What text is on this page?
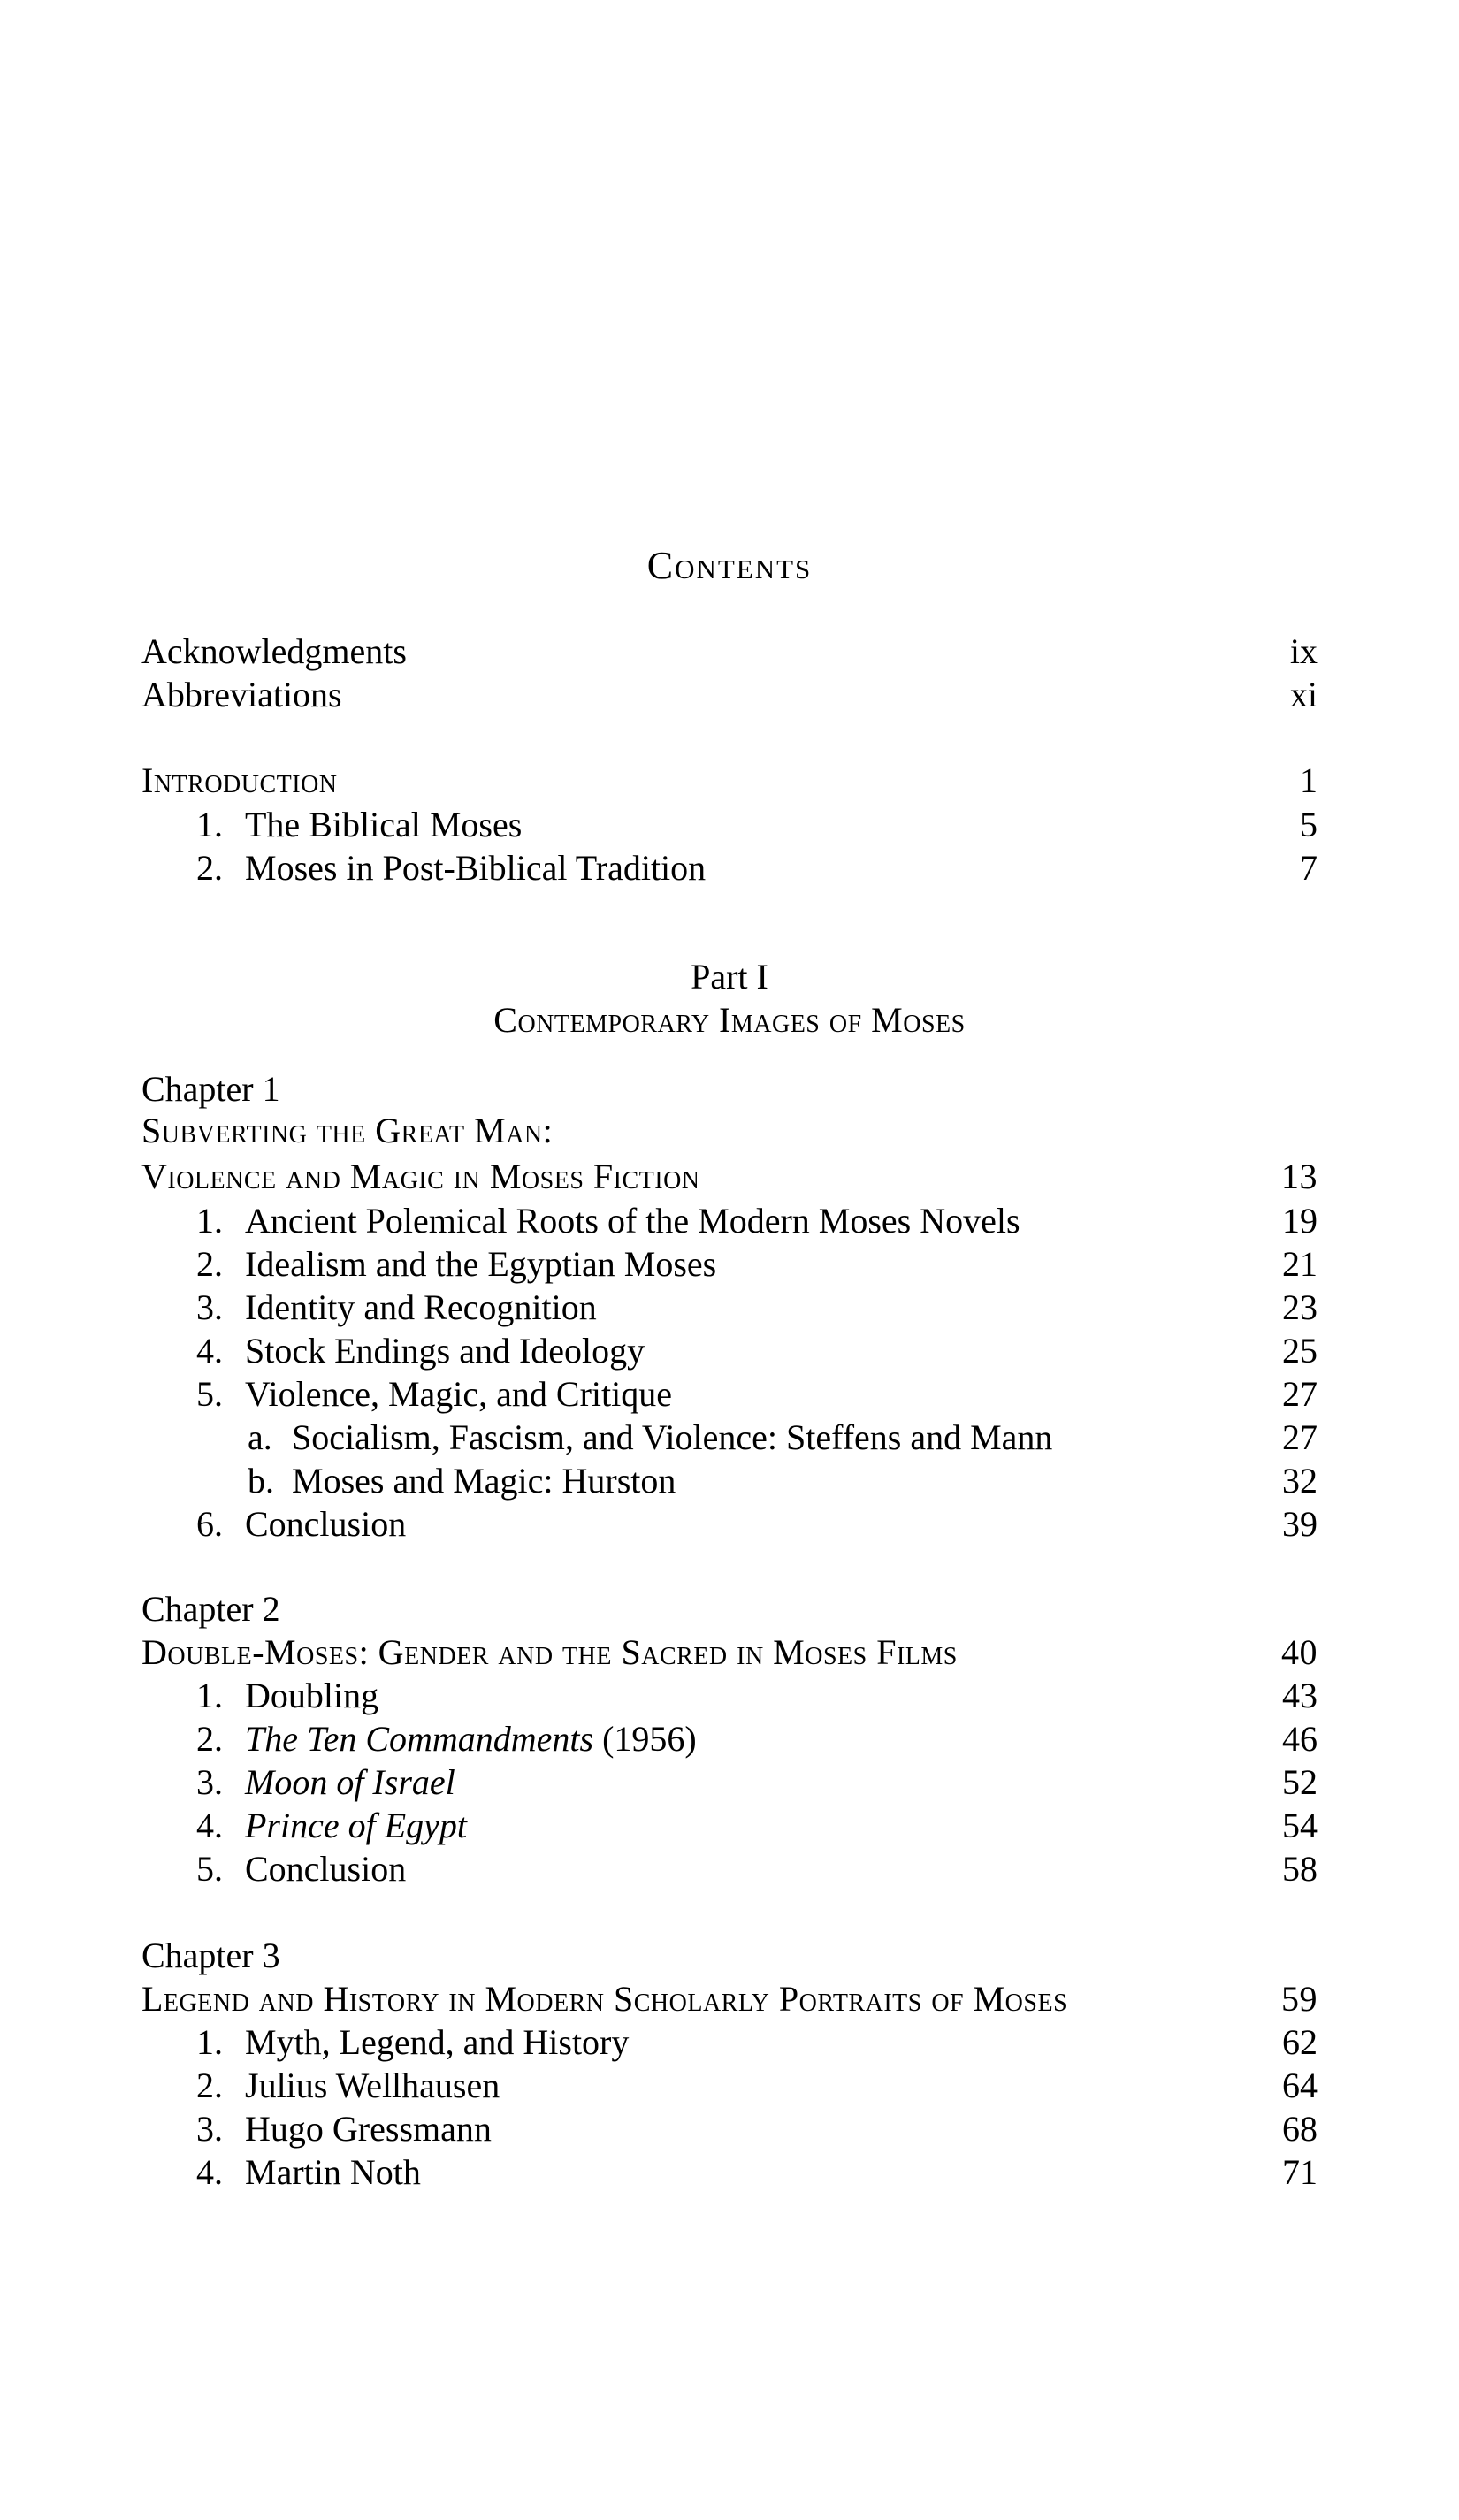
Contents
Acknowledgments	ix
Abbreviations	xi
Introduction	1
1. The Biblical Moses	5
2. Moses in Post-Biblical Tradition	7
Part I
Contemporary Images of Moses
Chapter 1
Subverting the Great Man:
Violence and Magic in Moses Fiction	13
1. Ancient Polemical Roots of the Modern Moses Novels	19
2. Idealism and the Egyptian Moses	21
3. Identity and Recognition	23
4. Stock Endings and Ideology	25
5. Violence, Magic, and Critique	27
a. Socialism, Fascism, and Violence: Steffens and Mann	27
b. Moses and Magic: Hurston	32
6. Conclusion	39
Chapter 2
Double-Moses: Gender and the Sacred in Moses Films	40
1. Doubling	43
2. The Ten Commandments (1956)	46
3. Moon of Israel	52
4. Prince of Egypt	54
5. Conclusion	58
Chapter 3
Legend and History in Modern Scholarly Portraits of Moses	59
1. Myth, Legend, and History	62
2. Julius Wellhausen	64
3. Hugo Gressmann	68
4. Martin Noth	71
